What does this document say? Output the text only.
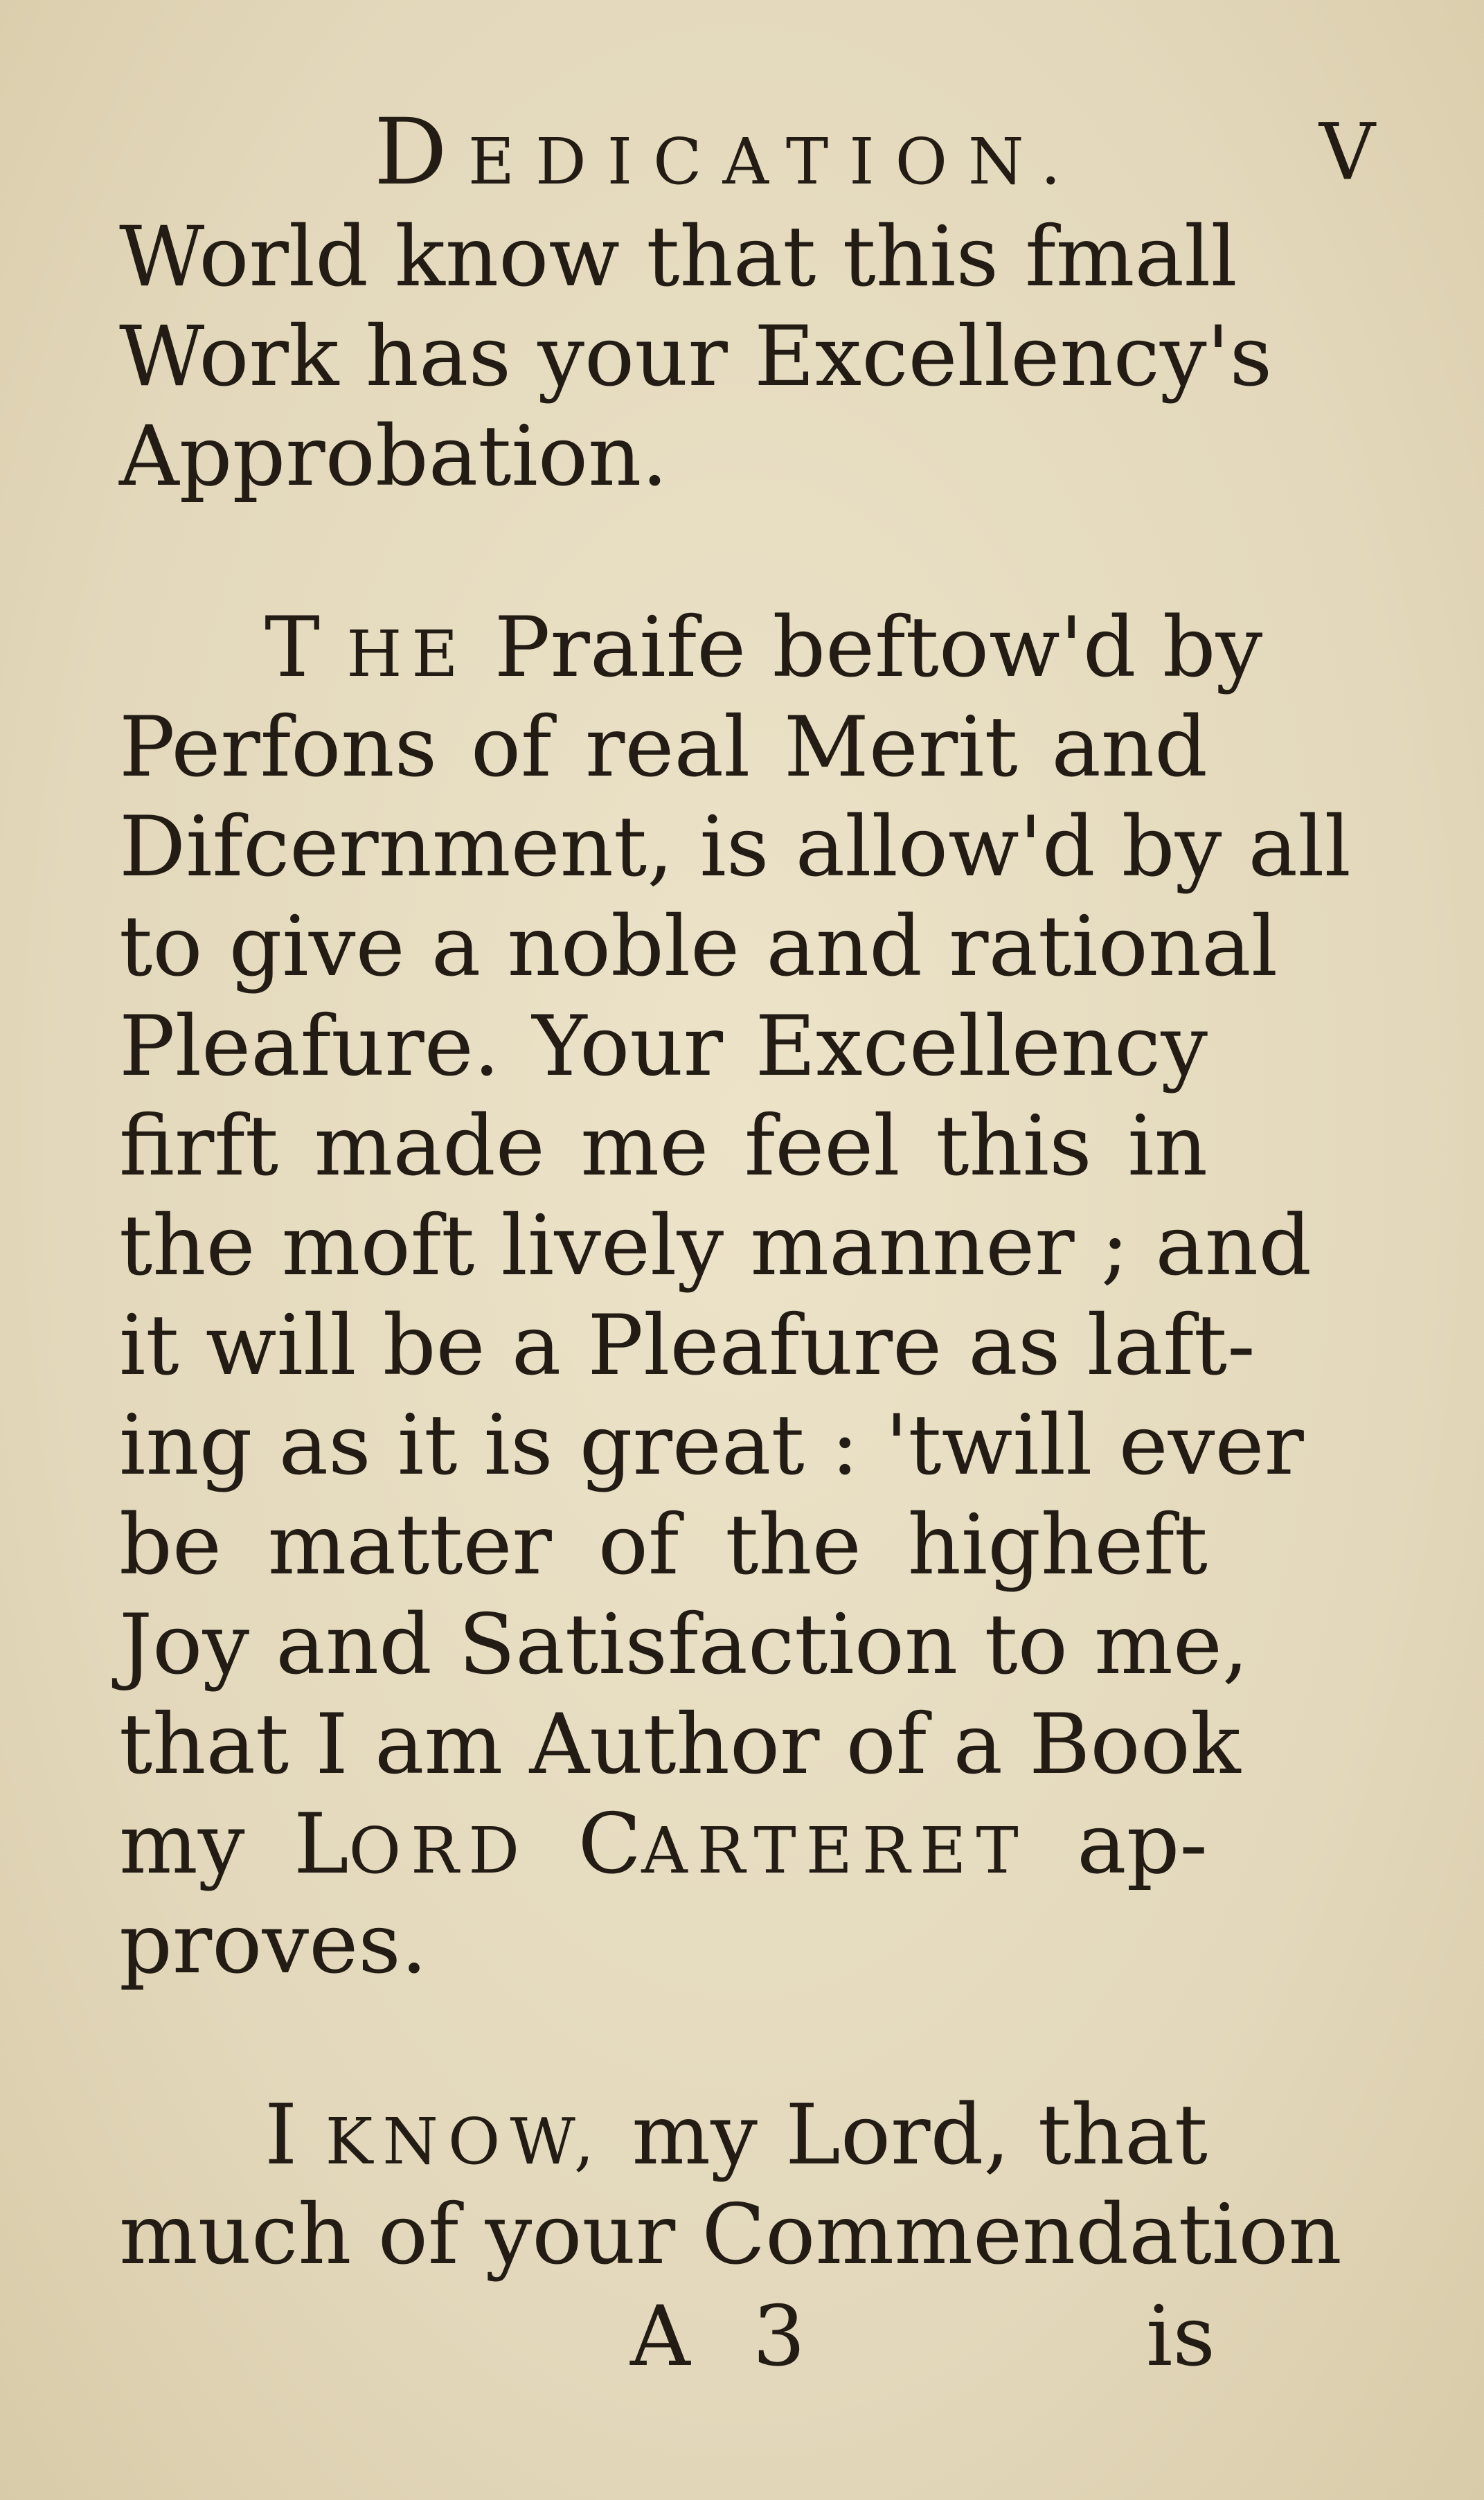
DEDICATION.	V
World know that this fmall
Work has your Excellency's
Approbation.
T HE Praife beftow'd by
Perfons of real Merit and
Difcernment, is allow'd by all
to give a noble and rational
Pleafure. Your Excellency
firft made me feel this in
the moft lively manner ; and
it will be a Pleafure as laft-
ing as it is great : 'twill ever
be matter of the higheft
Joy and Satisfaction to me,
that I am Author of a Book
my LORD CARTERET ap-
proves.
I KNOW, my Lord, that
much of your Commendation
A 3	is
